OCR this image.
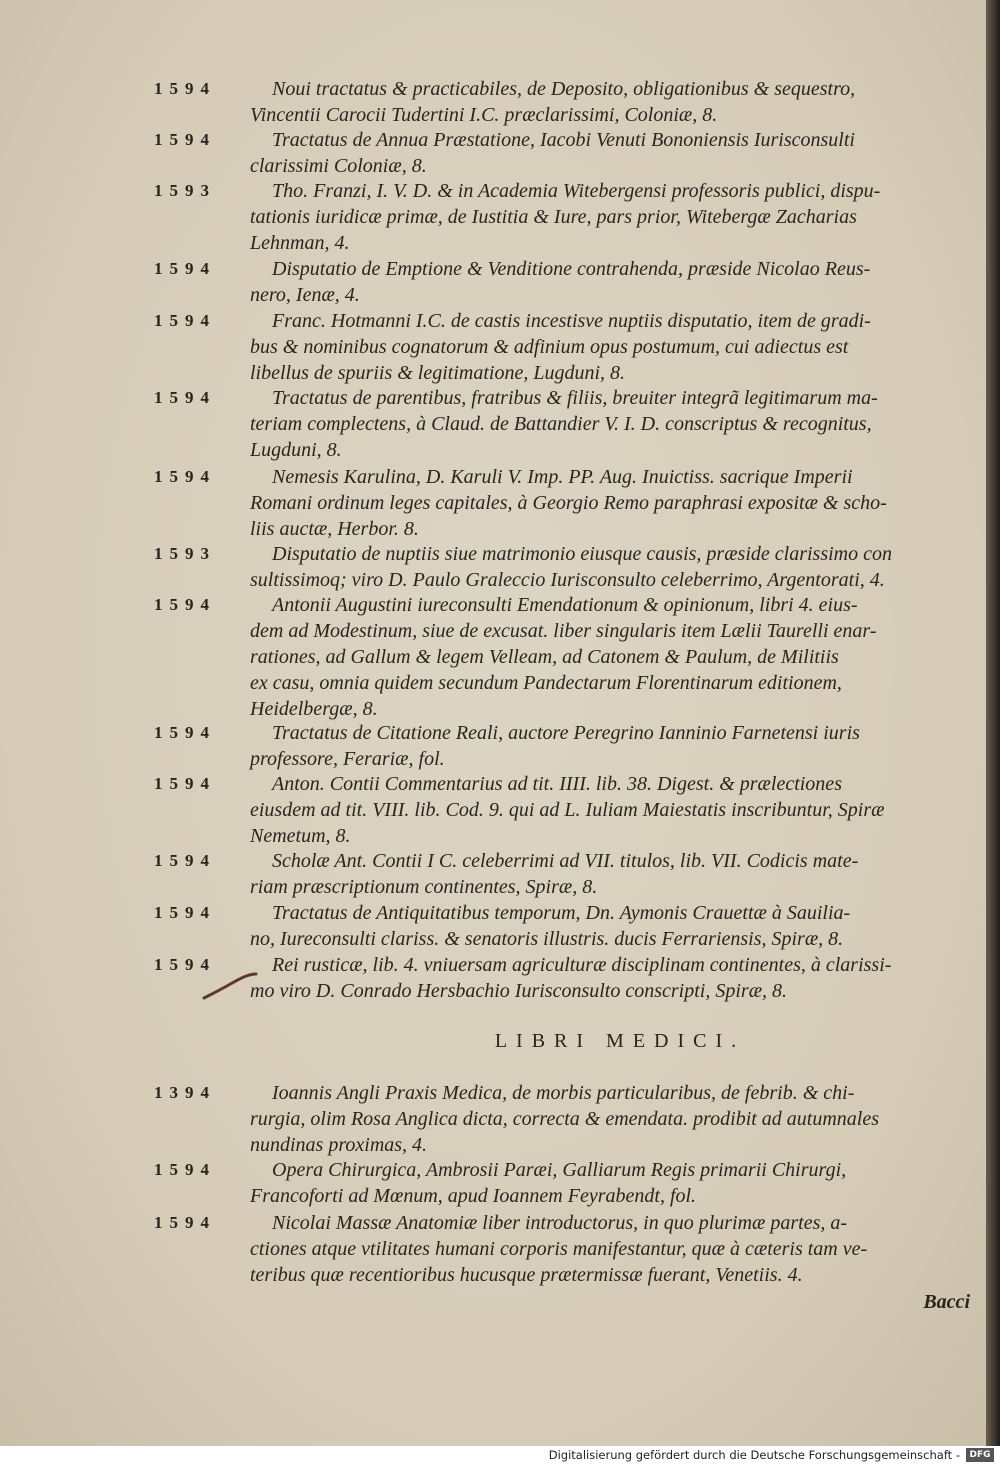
1594	Noui tractatus & practicabiles, de Deposito, obligationibus & sequestro,
Vincentii Carocii Tudertini I.C. præclarissimi, Coloniæ, 8.
1594	Tractatus de Annua Præstatione, Iacobi Venuti Bononiensis Iurisconsulti
clarissimi Coloniæ, 8.
1593	Tho. Franzi, I. V. D. & in Academia Witebergensi professoris publici, dispu-
tationis iuridicæ primæ, de Iustitia & Iure, pars prior, Witebergæ Zacharias
Lehnman, 4.
1594	Disputatio de Emptione & Venditione contrahenda, præside Nicolao Reus-
nero, Ienæ, 4.
1594	Franc. Hotmanni I.C. de castis incestisve nuptiis disputatio, item de gradi-
bus & nominibus cognatorum & adfinium opus postumum, cui adiectus est
libellus de spuriis & legitimatione, Lugduni, 8.
1594	Tractatus de parentibus, fratribus & filiis, breuiter integrã legitimarum ma-
teriam complectens, à Claud. de Battandier V. I. D. conscriptus & recognitus,
Lugduni, 8.
1594	Nemesis Karulina, D. Karuli V. Imp. PP. Aug. Inuictiss. sacrique Imperii
Romani ordinum leges capitales, à Georgio Remo paraphrasi expositæ & scho-
liis auctæ, Herbor. 8.
1593	Disputatio de nuptiis siue matrimonio eiusque causis, præside clarissimo con
sultissimoq; viro D. Paulo Graleccio Iurisconsulto celeberrimo, Argentorati, 4.
1594	Antonii Augustini iureconsulti Emendationum & opinionum, libri 4. eius-
dem ad Modestinum, siue de excusat. liber singularis item Lælii Taurelli enar-
rationes, ad Gallum & legem Velleam, ad Catonem & Paulum, de Militiis
ex casu, omnia quidem secundum Pandectarum Florentinarum editionem,
Heidelbergæ, 8.
1594	Tractatus de Citatione Reali, auctore Peregrino Ianninio Farnetensi iuris
professore, Ferariæ, fol.
1594	Anton. Contii Commentarius ad tit. IIII. lib. 38. Digest. & prælectiones
eiusdem ad tit. VIII. lib. Cod. 9. qui ad L. Iuliam Maiestatis inscribuntur, Spiræ
Nemetum, 8.
1594	Scholæ Ant. Contii I C. celeberrimi ad VII. titulos, lib. VII. Codicis mate-
riam præscriptionum continentes, Spiræ, 8.
1594	Tractatus de Antiquitatibus temporum, Dn. Aymonis Crauettæ à Sauilia-
no, Iureconsulti clariss. & senatoris illustris. ducis Ferrariensis, Spiræ, 8.
1594	Rei rusticæ, lib. 4. vniuersam agriculturæ disciplinam continentes, à clarissi-
mo viro D. Conrado Hersbachio Iurisconsulto conscripti, Spiræ, 8.
LIBRI MEDICI.
1394	Ioannis Angli Praxis Medica, de morbis particularibus, de febrib. & chi-
rurgia, olim Rosa Anglica dicta, correcta & emendata. prodibit ad autumnales
nundinas proximas, 4.
1594	Opera Chirurgica, Ambrosii Paræi, Galliarum Regis primarii Chirurgi,
Francoforti ad Mœnum, apud Ioannem Feyrabendt, fol.
1594	Nicolai Massæ Anatomiæ liber introductorus, in quo plurimæ partes, a-
ctiones atque vtilitates humani corporis manifestantur, quæ à cæteris tam ve-
teribus quæ recentioribus hucusque prætermissæ fuerant, Venetiis. 4.
Bacci
Digitalisierung gefördert durch die Deutsche Forschungsgemeinschaft -	DFG
